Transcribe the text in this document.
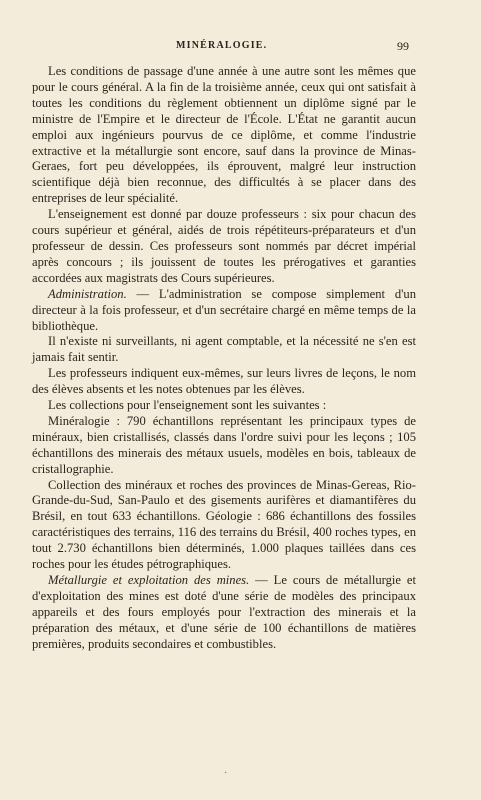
MINÉRALOGIE.	99

Les conditions de passage d'une année à une autre sont les mêmes que pour le cours général. A la fin de la troisième année, ceux qui ont satisfait à toutes les conditions du règlement obtiennent un diplôme signé par le ministre de l'Empire et le directeur de l'École. L'État ne garantit aucun emploi aux ingénieurs pourvus de ce diplôme, et comme l'industrie extractive et la métallurgie sont encore, sauf dans la province de Minas-Geraes, fort peu développées, ils éprouvent, malgré leur instruction scientifique déjà bien reconnue, des difficultés à se placer dans des entreprises de leur spécialité.

L'enseignement est donné par douze professeurs : six pour chacun des cours supérieur et général, aidés de trois répétiteurs-préparateurs et d'un professeur de dessin. Ces professeurs sont nommés par décret impérial après concours ; ils jouissent de toutes les prérogatives et garanties accordées aux magistrats des Cours supérieures.

Administration. — L'administration se compose simplement d'un directeur à la fois professeur, et d'un secrétaire chargé en même temps de la bibliothèque.

Il n'existe ni surveillants, ni agent comptable, et la nécessité ne s'en est jamais fait sentir.

Les professeurs indiquent eux-mêmes, sur leurs livres de leçons, le nom des élèves absents et les notes obtenues par les élèves.

Les collections pour l'enseignement sont les suivantes :

Minéralogie : 790 échantillons représentant les principaux types de minéraux, bien cristallisés, classés dans l'ordre suivi pour les leçons ; 105 échantillons des minerais des métaux usuels, modèles en bois, tableaux de cristallographie.

Collection des minéraux et roches des provinces de Minas-Gereas, Rio-Grande-du-Sud, San-Paulo et des gisements aurifères et diamantifères du Brésil, en tout 633 échantillons. Géologie : 686 échantillons des fossiles caractéristiques des terrains, 116 des terrains du Brésil, 400 roches types, en tout 2.730 échantillons bien déterminés, 1.000 plaques taillées dans ces roches pour les études pétrographiques.

Métallurgie et exploitation des mines. — Le cours de métallurgie et d'exploitation des mines est doté d'une série de modèles des principaux appareils et des fours employés pour l'extraction des minerais et la préparation des métaux, et d'une série de 100 échantillons de matières premières, produits secondaires et combustibles.

·
